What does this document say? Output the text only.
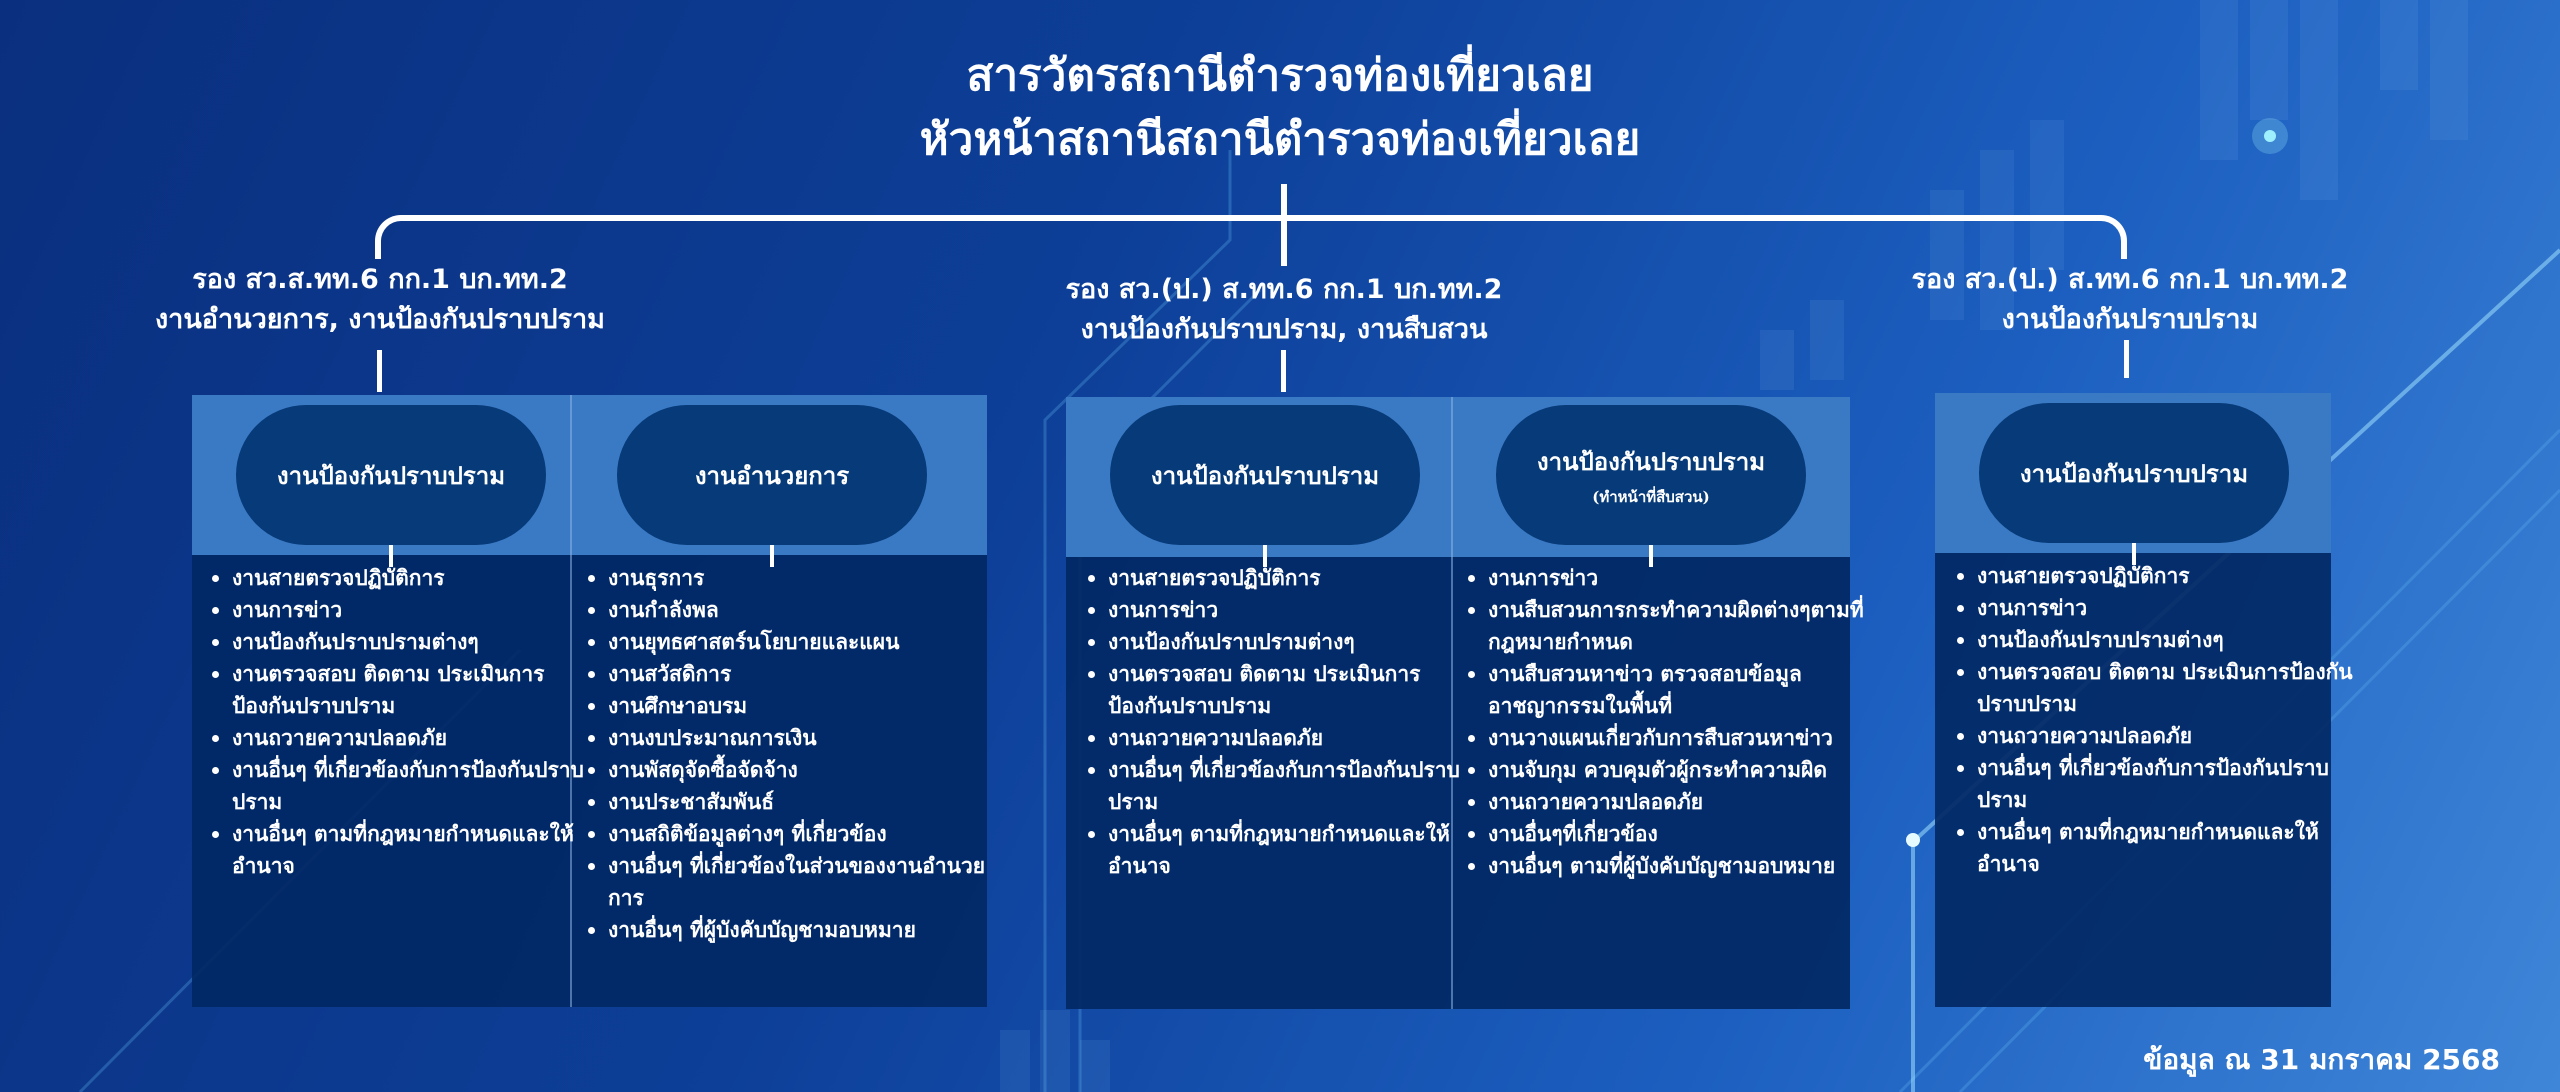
สารวัตรสถานีตำรวจท่องเที่ยวเลย
หัวหน้าสถานีสถานีตำรวจท่องเที่ยวเลย
รอง สว.ส.ทท.6 กก.1 บก.ทท.2
งานอำนวยการ, งานป้องกันปราบปราม
รอง สว.(ป.) ส.ทท.6 กก.1 บก.ทท.2
งานป้องกันปราบปราม, งานสืบสวน
รอง สว.(ป.) ส.ทท.6 กก.1 บก.ทท.2
งานป้องกันปราบปราม
งานป้องกันปราบปราม	งานอำนวยการ
• งานสายตรวจปฏิบัติการ
• งานการข่าว
• งานป้องกันปราบปรามต่างๆ
• งานตรวจสอบ ติดตาม ประเมินการป้องกันปราบปราม
• งานถวายความปลอดภัย
• งานอื่นๆ ที่เกี่ยวข้องกับการป้องกันปราบปราม
• งานอื่นๆ ตามที่กฎหมายกำหนดและให้อำนาจ
• งานธุรการ
• งานกำลังพล
• งานยุทธศาสตร์นโยบายและแผน
• งานสวัสดิการ
• งานศึกษาอบรม
• งานงบประมาณการเงิน
• งานพัสดุจัดซื้อจัดจ้าง
• งานประชาสัมพันธ์
• งานสถิติข้อมูลต่างๆ ที่เกี่ยวข้อง
• งานอื่นๆ ที่เกี่ยวข้องในส่วนของงานอำนวยการ
• งานอื่นๆ ที่ผู้บังคับบัญชามอบหมาย
งานป้องกันปราบปราม	งานป้องกันปราบปราม
(ทำหน้าที่สืบสวน)
• งานสายตรวจปฏิบัติการ
• งานการข่าว
• งานป้องกันปราบปรามต่างๆ
• งานตรวจสอบ ติดตาม ประเมินการป้องกันปราบปราม
• งานถวายความปลอดภัย
• งานอื่นๆ ที่เกี่ยวข้องกับการป้องกันปราบปราม
• งานอื่นๆ ตามที่กฎหมายกำหนดและให้อำนาจ
• งานการข่าว
• งานสืบสวนการกระทำความผิดต่างๆตามที่กฎหมายกำหนด
• งานสืบสวนหาข่าว ตรวจสอบข้อมูลอาชญากรรมในพื้นที่
• งานวางแผนเกี่ยวกับการสืบสวนหาข่าว
• งานจับกุม ควบคุมตัวผู้กระทำความผิด
• งานถวายความปลอดภัย
• งานอื่นๆที่เกี่ยวข้อง
• งานอื่นๆ ตามที่ผู้บังคับบัญชามอบหมาย
งานป้องกันปราบปราม
• งานสายตรวจปฏิบัติการ
• งานการข่าว
• งานป้องกันปราบปรามต่างๆ
• งานตรวจสอบ ติดตาม ประเมินการป้องกันปราบปราม
• งานถวายความปลอดภัย
• งานอื่นๆ ที่เกี่ยวข้องกับการป้องกันปราบปราม
• งานอื่นๆ ตามที่กฎหมายกำหนดและให้อำนาจ
ข้อมูล ณ 31 มกราคม 2568
